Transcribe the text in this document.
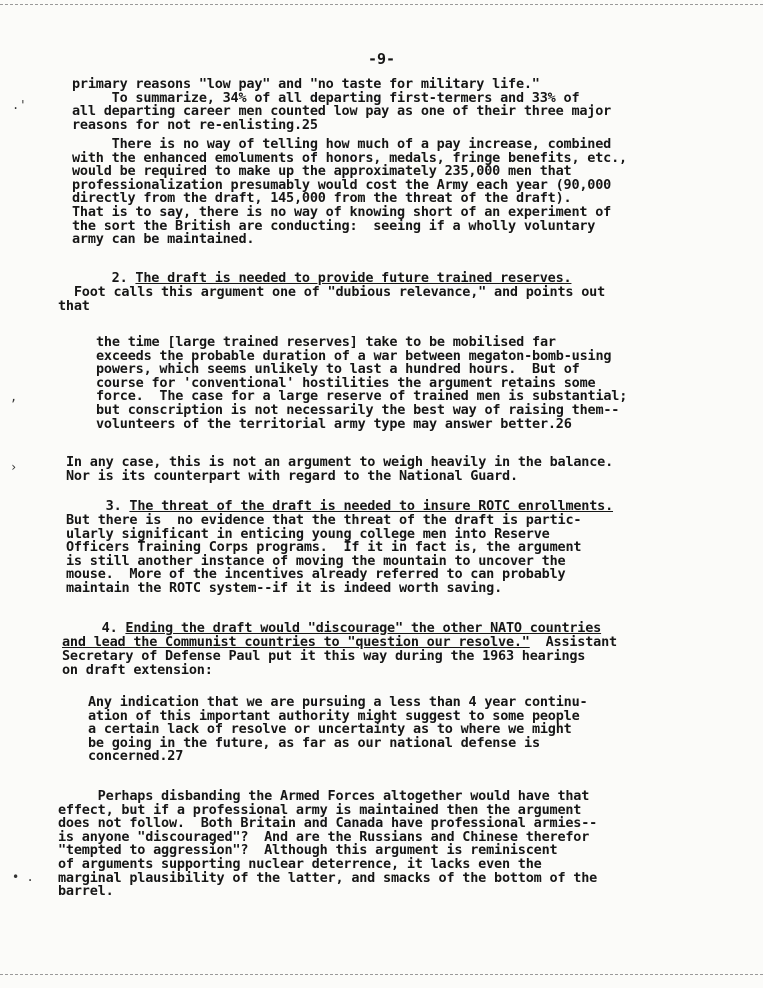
-9-
.'
,
›
• .
primary reasons "low pay" and "no taste for military life."
To summarize, 34% of all departing first-termers and 33% of
all departing career men counted low pay as one of their three major
reasons for not re-enlisting.25
There is no way of telling how much of a pay increase, combined
with the enhanced emoluments of honors, medals, fringe benefits, etc.,
would be required to make up the approximately 235,000 men that
professionalization presumably would cost the Army each year (90,000
directly from the draft, 145,000 from the threat of the draft).
That is to say, there is no way of knowing short of an experiment of
the sort the British are conducting:  seeing if a wholly voluntary
army can be maintained.
2. The draft is needed to provide future trained reserves.
Foot calls this argument one of "dubious relevance," and points out
that
the time [large trained reserves] take to be mobilised far
exceeds the probable duration of a war between megaton-bomb-using
powers, which seems unlikely to last a hundred hours.  But of
course for 'conventional' hostilities the argument retains some
force.  The case for a large reserve of trained men is substantial;
but conscription is not necessarily the best way of raising them--
volunteers of the territorial army type may answer better.26
In any case, this is not an argument to weigh heavily in the balance.
Nor is its counterpart with regard to the National Guard.
3. The threat of the draft is needed to insure ROTC enrollments.
But there is  no evidence that the threat of the draft is partic-
ularly significant in enticing young college men into Reserve
Officers Training Corps programs.  If it in fact is, the argument
is still another instance of moving the mountain to uncover the
mouse.  More of the incentives already referred to can probably
maintain the ROTC system--if it is indeed worth saving.
4. Ending the draft would "discourage" the other NATO countries
and lead the Communist countries to "question our resolve."  Assistant
Secretary of Defense Paul put it this way during the 1963 hearings
on draft extension:
Any indication that we are pursuing a less than 4 year continu-
ation of this important authority might suggest to some people
a certain lack of resolve or uncertainty as to where we might
be going in the future, as far as our national defense is
concerned.27
Perhaps disbanding the Armed Forces altogether would have that
effect, but if a professional army is maintained then the argument
does not follow.  Both Britain and Canada have professional armies--
is anyone "discouraged"?  And are the Russians and Chinese therefor
"tempted to aggression"?  Although this argument is reminiscent
of arguments supporting nuclear deterrence, it lacks even the
marginal plausibility of the latter, and smacks of the bottom of the
barrel.
